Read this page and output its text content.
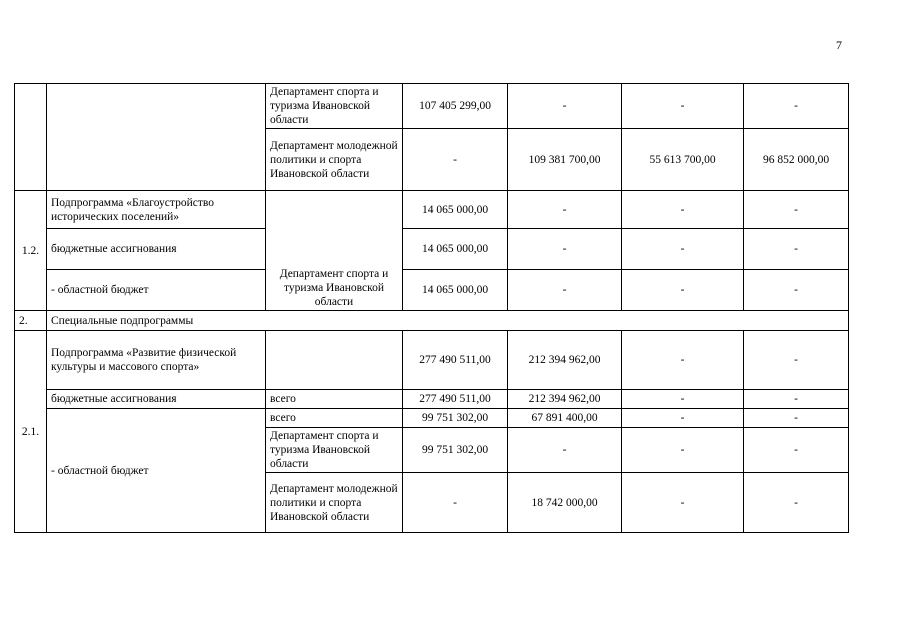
7
		Департамент спорта и туризма Ивановской области	107 405 299,00	-	-	-
		Департамент молодежной политики и спорта Ивановской области	-	109 381 700,00	55 613 700,00	96 852 000,00
1.2.	Подпрограмма «Благоустройство исторических поселений»	Департамент спорта и туризма Ивановской области	14 065 000,00	-	-	-
	бюджетные ассигнования		14 065 000,00	-	-	-
	- областной бюджет		14 065 000,00	-	-	-
2.	Специальные подпрограммы					
2.1.	Подпрограмма «Развитие физической культуры и массового спорта»		277 490 511,00	212 394 962,00	-	-
	бюджетные ассигнования	всего	277 490 511,00	212 394 962,00	-	-
	- областной бюджет	всего	99 751 302,00	67 891 400,00	-	-
		Департамент спорта и туризма Ивановской области	99 751 302,00	-	-	-
		Департамент молодежной политики и спорта Ивановской области	-	18 742 000,00	-	-
